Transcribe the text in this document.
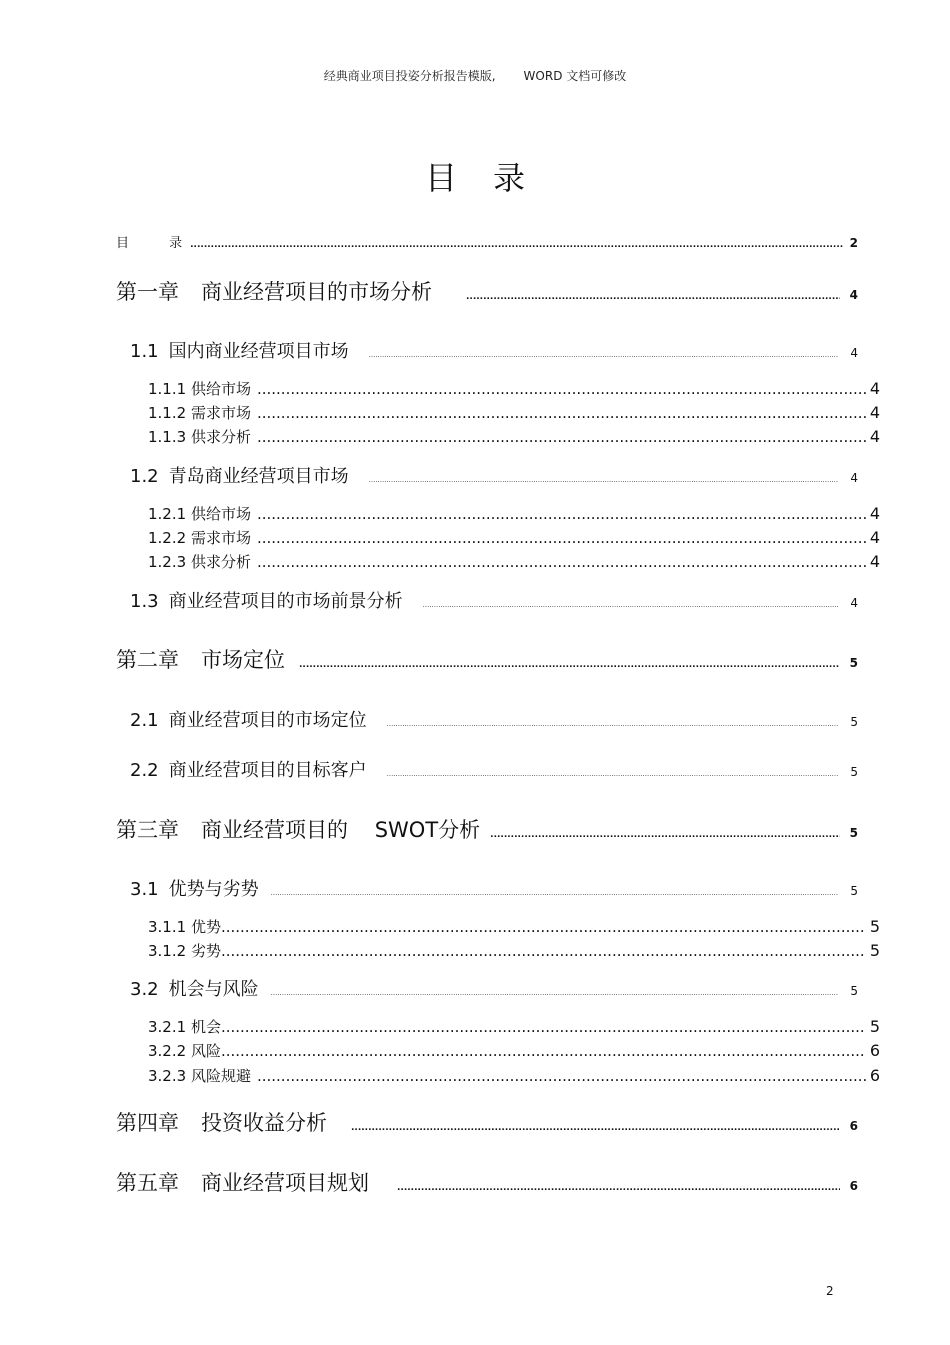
经典商业项目投姿分析报告模版, WORD 文档可修改
目录
目 录 .....	2
第一章 商业经营项目的市场分析 .....	4
1.1 国内商业经营项目市场 .....	4
1.1.1 供给市场 .....	4
1.1.2 需求市场 .....	4
1.1.3 供求分析 .....	4
1.2 青岛商业经营项目市场 .....	4
1.2.1 供给市场 .....	4
1.2.2 需求市场 .....	4
1.2.3 供求分析 .....	4
1.3 商业经营项目的市场前景分析 .....	4
第二章 市场定位 .....	5
2.1 商业经营项目的市场定位 .....	5
2.2 商业经营项目的目标客户 .....	5
第三章 商业经营项目的    SWOT分析 .....	5
3.1 优势与劣势 .....	5
3.1.1 优势 .....	5
3.1.2 劣势 .....	5
3.2 机会与风险 .....	5
3.2.1 机会 .....	5
3.2.2 风险 .....	6
3.2.3 风险规避 .....	6
第四章 投资收益分析 .....	6
第五章 商业经营项目规划 .....	6
2
